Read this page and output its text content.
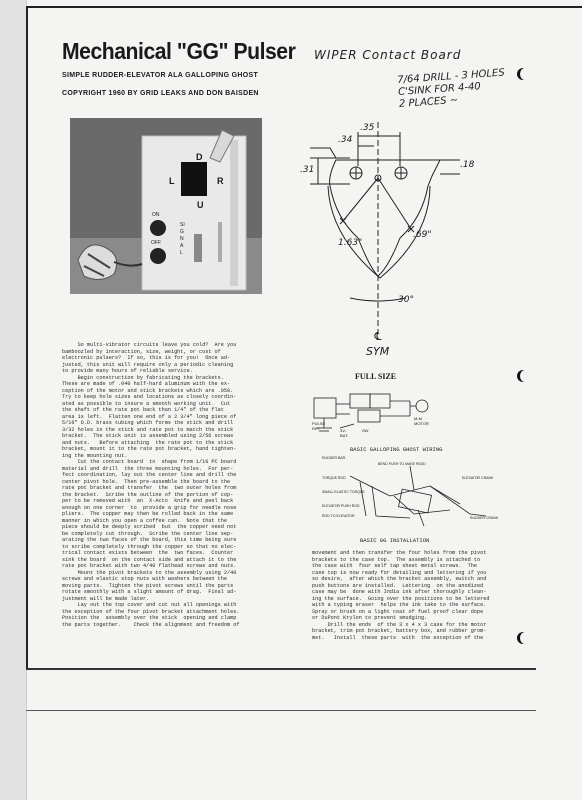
Mechanical "GG" Pulser
SIMPLE RUDDER-ELEVATOR ALA GALLOPING GHOST
COPYRIGHT 1960 BY GRID LEAKS AND DON BAISDEN
WIPER Contact Board
7/64 DRILL - 3 HOLES
C'SINK FOR 4-40
2 PLACES ~
D
L	R
U
ON
OFF
SIGNAL
.35
.34
.31	.18
1.63"
.69"
30°
℄
SYM
FULL SIZE
PULSE
RLY	3V-
BAT.
SW
M-M
MOTOR
BASIC GALLOPING GHOST WIRING
RUDDER BAR
BEND PUSH TO MAKE RIGID
TORQUE ROD	ELEVATOR CRANK
SMALL ELASTIC TORQUE
ELEVATOR PUSH ROD
RUDDER CRANK
ROD TO ELEVATOR
BASIC GG INSTALLATION
So multi-vibrator circuits leave you cold?  Are you
bamboozled by interaction, size, weight, or cost of
electronic pulsers?  If so, this is for you!  Once ad-
justed, this unit will require only a periodic cleaning
to provide many hours of reliable service.
Begin construction by fabricating the brackets.
These are made of .040 half-hard aluminum with the ex-
ception of the motor and stick brackets which are .050.
Try to keep hole sizes and locations as closely coordin-
ated as possible to insure a smooth working unit.  Cut
the shaft of the rate pot back than 1/4" of the flat
area is left.  Flatten one end of a 2 3/4" long piece of
5/16" O.D. brass tubing which forms the stick and drill
3/32 holes in the stick and rate pot to match the stick
bracket.  The stick unit is assembled using 2/56 screws
and nuts.   Before attaching  the rate pot to the stick
bracket, mount it to the rate pot bracket, hand tighten-
ing the mounting nut.
Cut the contact board  to  shape from 1/16 PC board
material and drill  the three mounting holes.  For per-
fect coordination, lay out the center line and drill the
center pivot hole.  Then pre-assemble the board to the
rate pot bracket and transfer  the  two outer holes from
the bracket.  Scribe the outline of the portion of cop-
per to be removed with  an  X-Acto  knife and peel back
enough on one corner  to  provide a grip for needle nose
pliers.  The copper may then be rolled back in the same
manner in which you open a coffee can.  Note that the
piece should be deeply scribed  but  the copper need not
be completely cut through.  Scribe the center line sep-
arating the two faces of the board, this time being sure
to scribe completely through the copper so that no elec-
trical contact exists between  the  two faces.  Counter
sink the board  on the contact side and attach it to the
rate pot bracket with two 4/40 flathead screws and nuts.
Mount the pivot brackets to the assembly using 2/40
screws and elastic stop nuts with washers between the
moving parts.  Tighten the pivot screws until the parts
rotate smoothly with a slight amount of drag.  Final ad-
justment will be made later.
Lay out the top cover and cut out all openings with
the exception of the four pivot bracket attachment holes.
Position the  assembly over the stick  opening and clamp
the parts together.    Check the alignment and freedom of
movement and then transfer the four holes from the pivot
brackets to the case top.  The assembly is attached to
the case with  four self tap sheet metal screws.  The
case top is now ready for detailing and lettering if you
so desire,  after which the bracket assembly, switch and
push buttons are installed.  Lettering  on the anodized
case may be  done with India ink after thoroughly clean-
ing the surface.  Going over the positions to be lettered
with a typing eraser  helps the ink take to the surface.
Spray or brush on a light coat of fuel proof clear dope
or DuPont Krylon to prevent smudging.
Drill the ends  of the 3 x 4 x 3 case for the motor
bracket, trim pot bracket, battery box, and rubber grom-
met.   Install  these parts  with  the exception of the
